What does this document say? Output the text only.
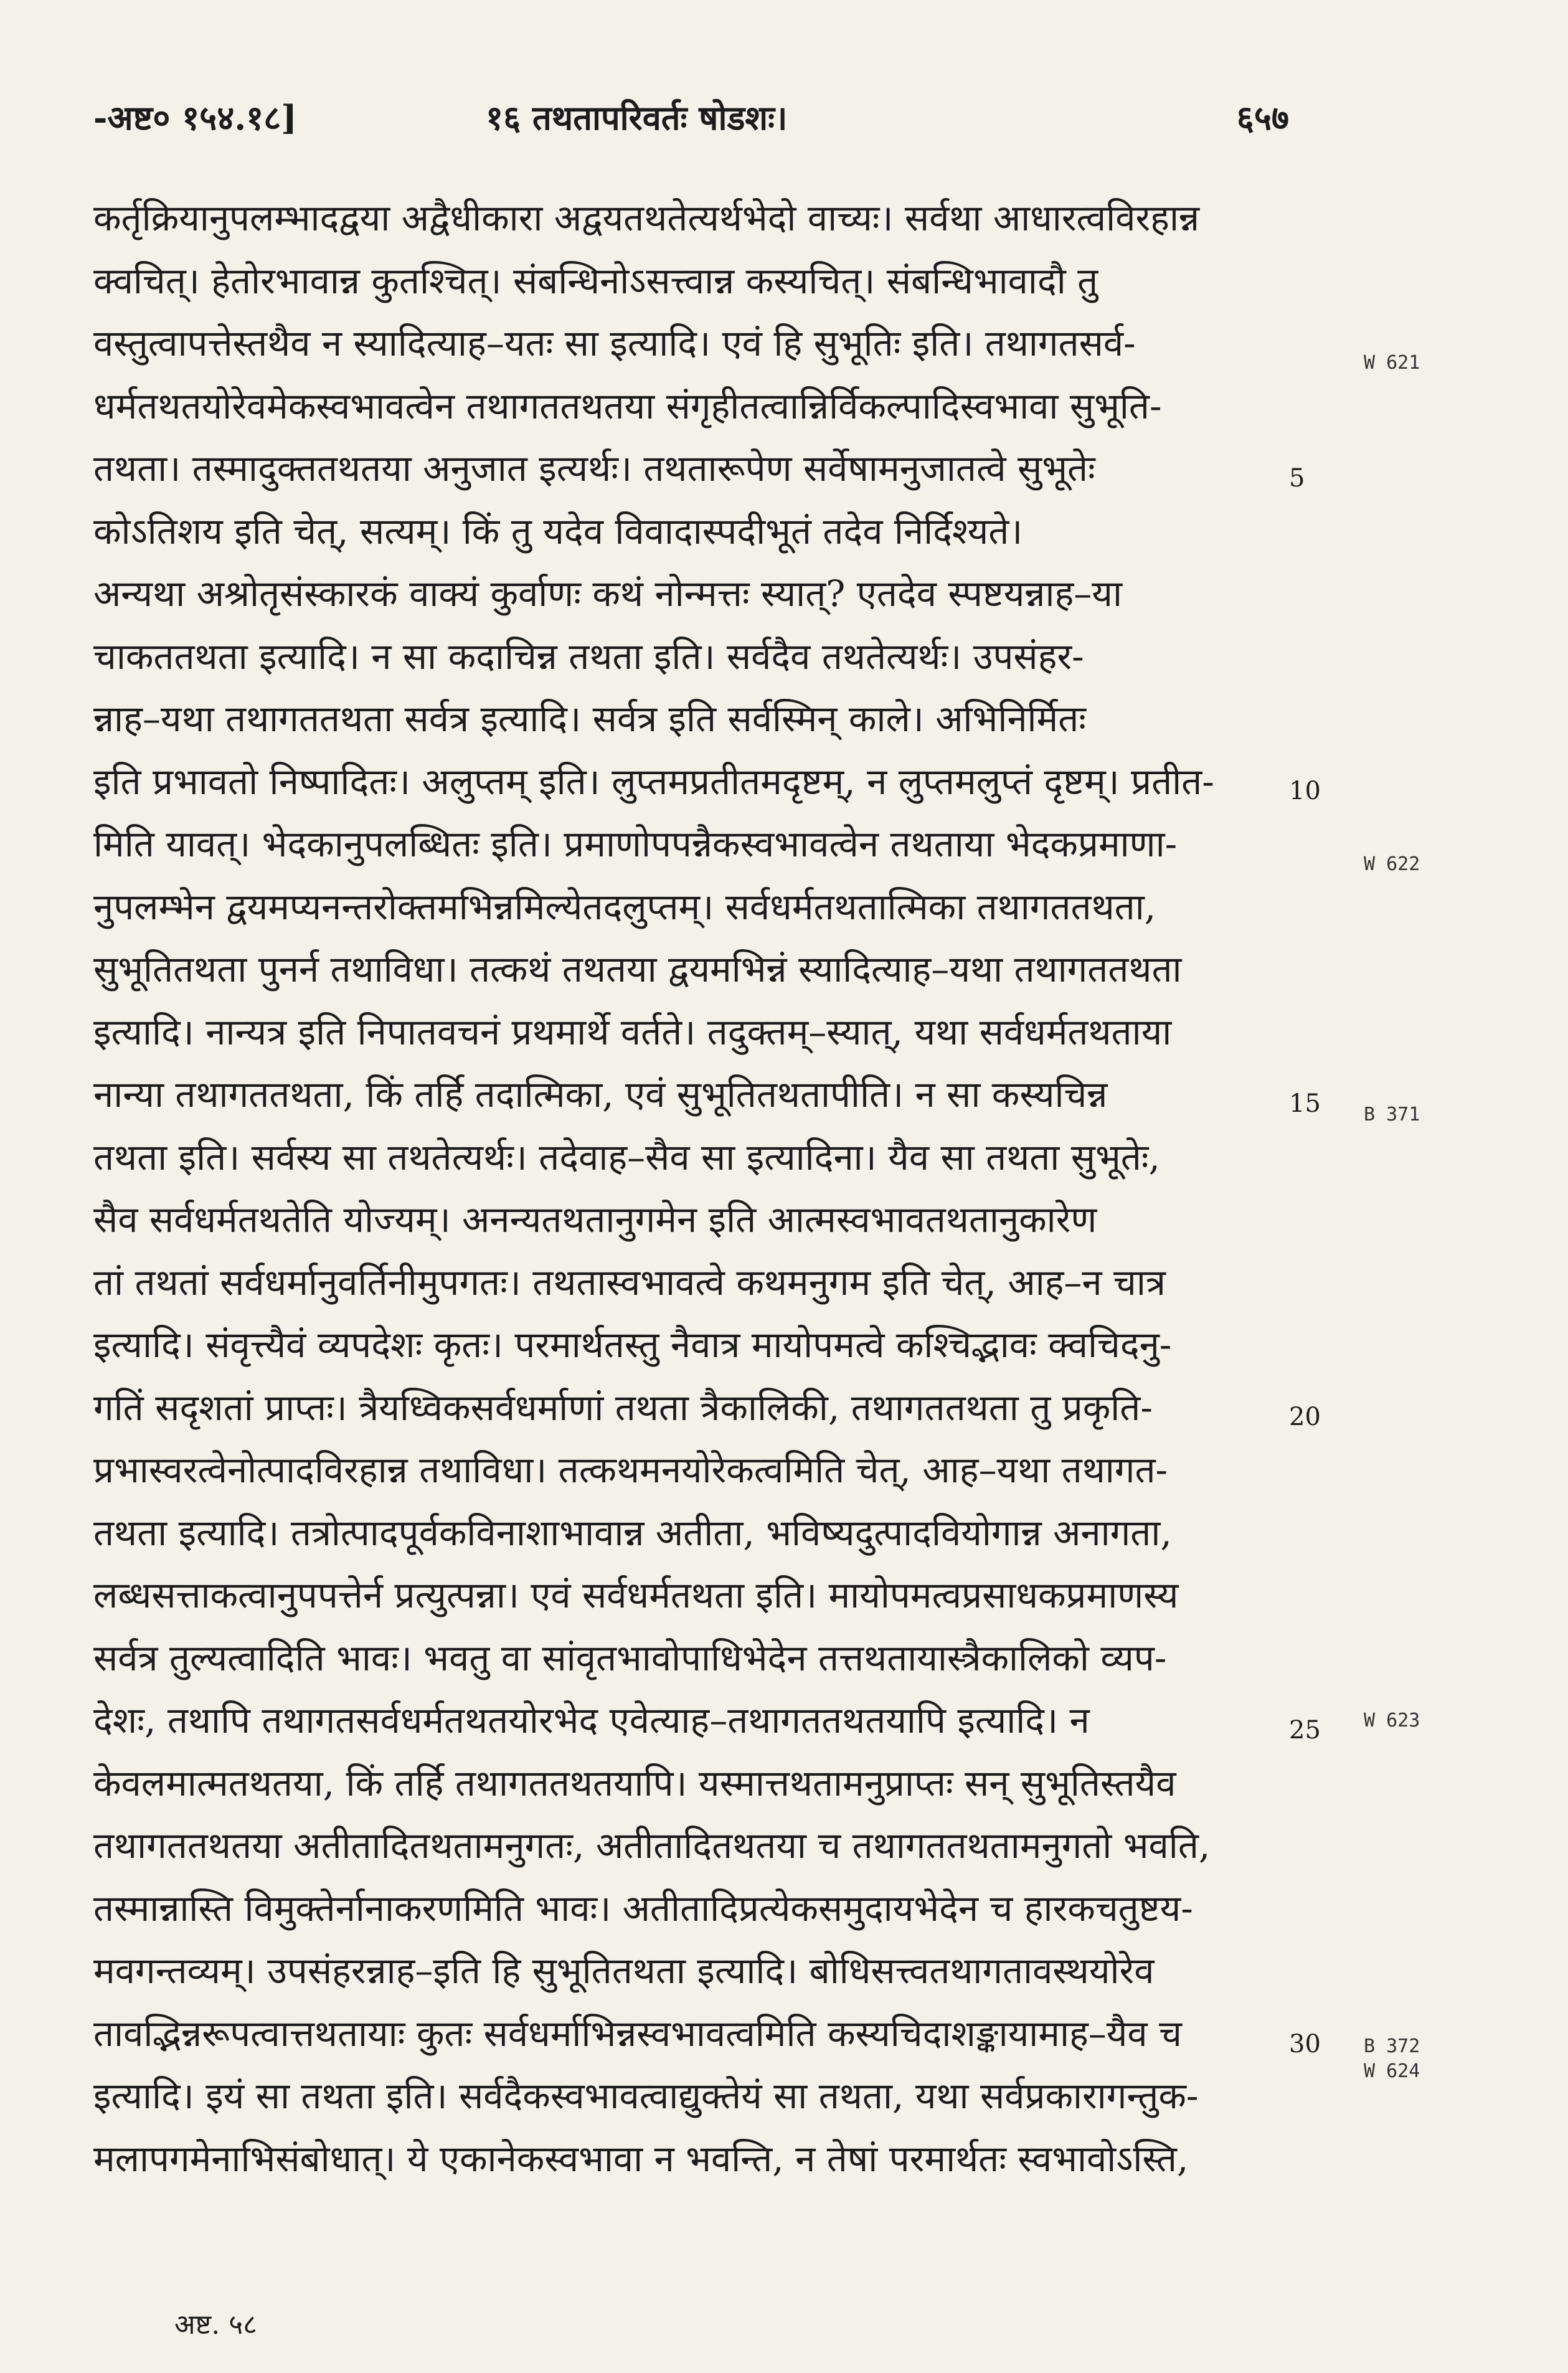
-अष्ट० १५४.१८]	१६ तथतापरिवर्तः षोडशः।	६५७
कर्तृक्रियानुपलम्भादद्वया अद्वैधीकारा अद्वयतथतेत्यर्थभेदो वाच्यः। सर्वथा आधारत्वविरहान्न
क्वचित्। हेतोरभावान्न कुतश्चित्। संबन्धिनोऽसत्त्वान्न कस्यचित्। संबन्धिभावादौ तु
वस्तुत्वापत्तेस्तथैव न स्यादित्याह–यतः सा इत्यादि। एवं हि सुभूतिः इति। तथागतसर्व-
धर्मतथतयोरेवमेकस्वभावत्वेन तथागततथतया संगृहीतत्वान्निर्विकल्पादिस्वभावा सुभूति-
तथता। तस्मादुक्ततथतया अनुजात इत्यर्थः। तथतारूपेण सर्वेषामनुजातत्वे सुभूतेः
कोऽतिशय इति चेत्, सत्यम्। किं तु यदेव विवादास्पदीभूतं तदेव निर्दिश्यते।
अन्यथा अश्रोतृसंस्कारकं वाक्यं कुर्वाणः कथं नोन्मत्तः स्यात्? एतदेव स्पष्टयन्नाह–या
चाकततथता इत्यादि। न सा कदाचिन्न तथता इति। सर्वदैव तथतेत्यर्थः। उपसंहर-
न्नाह–यथा तथागततथता सर्वत्र इत्यादि। सर्वत्र इति सर्वस्मिन् काले। अभिनिर्मितः
इति प्रभावतो निष्पादितः। अलुप्तम् इति। लुप्तमप्रतीतमदृष्टम्, न लुप्तमलुप्तं दृष्टम्। प्रतीत-
मिति यावत्। भेदकानुपलब्धितः इति। प्रमाणोपपन्नैकस्वभावत्वेन तथताया भेदकप्रमाणा-
नुपलम्भेन द्वयमप्यनन्तरोक्तमभिन्नमिल्येतदलुप्तम्। सर्वधर्मतथतात्मिका तथागततथता,
सुभूतितथता पुनर्न तथाविधा। तत्कथं तथतया द्वयमभिन्नं स्यादित्याह–यथा तथागततथता
इत्यादि। नान्यत्र इति निपातवचनं प्रथमार्थे वर्तते। तदुक्तम्–स्यात्, यथा सर्वधर्मतथताया
नान्या तथागततथता, किं तर्हि तदात्मिका, एवं सुभूतितथतापीति। न सा कस्यचिन्न
तथता इति। सर्वस्य सा तथतेत्यर्थः। तदेवाह–सैव सा इत्यादिना। यैव सा तथता सुभूतेः,
सैव सर्वधर्मतथतेति योज्यम्। अनन्यतथतानुगमेन इति आत्मस्वभावतथतानुकारेण
तां तथतां सर्वधर्मानुवर्तिनीमुपगतः। तथतास्वभावत्वे कथमनुगम इति चेत्, आह–न चात्र
इत्यादि। संवृत्त्यैवं व्यपदेशः कृतः। परमार्थतस्तु नैवात्र मायोपमत्वे कश्चिद्भावः क्वचिदनु-
गतिं सदृशतां प्राप्तः। त्रैयध्विकसर्वधर्माणां तथता त्रैकालिकी, तथागततथता तु प्रकृति-
प्रभास्वरत्वेनोत्पादविरहान्न तथाविधा। तत्कथमनयोरेकत्वमिति चेत्, आह–यथा तथागत-
तथता इत्यादि। तत्रोत्पादपूर्वकविनाशाभावान्न अतीता, भविष्यदुत्पादवियोगान्न अनागता,
लब्धसत्ताकत्वानुपपत्तेर्न प्रत्युत्पन्ना। एवं सर्वधर्मतथता इति। मायोपमत्वप्रसाधकप्रमाणस्य
सर्वत्र तुल्यत्वादिति भावः। भवतु वा सांवृतभावोपाधिभेदेन तत्तथतायास्त्रैकालिको व्यप-
देशः, तथापि तथागतसर्वधर्मतथतयोरभेद एवेत्याह–तथागततथतयापि इत्यादि। न
केवलमात्मतथतया, किं तर्हि तथागततथतयापि। यस्मात्तथतामनुप्राप्तः सन् सुभूतिस्तयैव
तथागततथतया अतीतादितथतामनुगतः, अतीतादितथतया च तथागततथतामनुगतो भवति,
तस्मान्नास्ति विमुक्तेर्नानाकरणमिति भावः। अतीतादिप्रत्येकसमुदायभेदेन च हारकचतुष्टय-
मवगन्तव्यम्। उपसंहरन्नाह–इति हि सुभूतितथता इत्यादि। बोधिसत्त्वतथागतावस्थयोरेव
तावद्भिन्नरूपत्वात्तथतायाः कुतः सर्वधर्माभिन्नस्वभावत्वमिति कस्यचिदाशङ्कायामाह–यैव च
इत्यादि। इयं सा तथता इति। सर्वदैकस्वभावत्वाद्युक्तेयं सा तथता, यथा सर्वप्रकारागन्तुक-
मलापगमेनाभिसंबोधात्। ये एकानेकस्वभावा न भवन्ति, न तेषां परमार्थतः स्वभावोऽस्ति,
5
10
15
20
25
30
W 621
W 622
B 371
W 623
B 372
W 624
अष्ट. ५८
